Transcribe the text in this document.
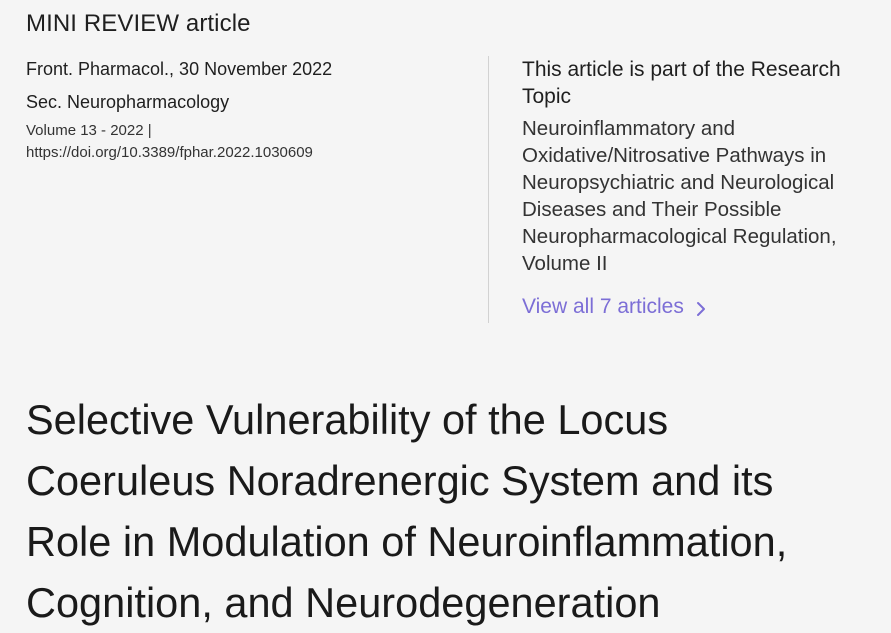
MINI REVIEW article
Front. Pharmacol., 30 November 2022
Sec. Neuropharmacology
Volume 13 - 2022 |
https://doi.org/10.3389/fphar.2022.1030609
This article is part of the Research Topic
Neuroinflammatory and Oxidative/Nitrosative Pathways in Neuropsychiatric and Neurological Diseases and Their Possible Neuropharmacological Regulation, Volume II
View all 7 articles
Selective Vulnerability of the Locus
Coeruleus Noradrenergic System and its
Role in Modulation of Neuroinflammation,
Cognition, and Neurodegeneration
